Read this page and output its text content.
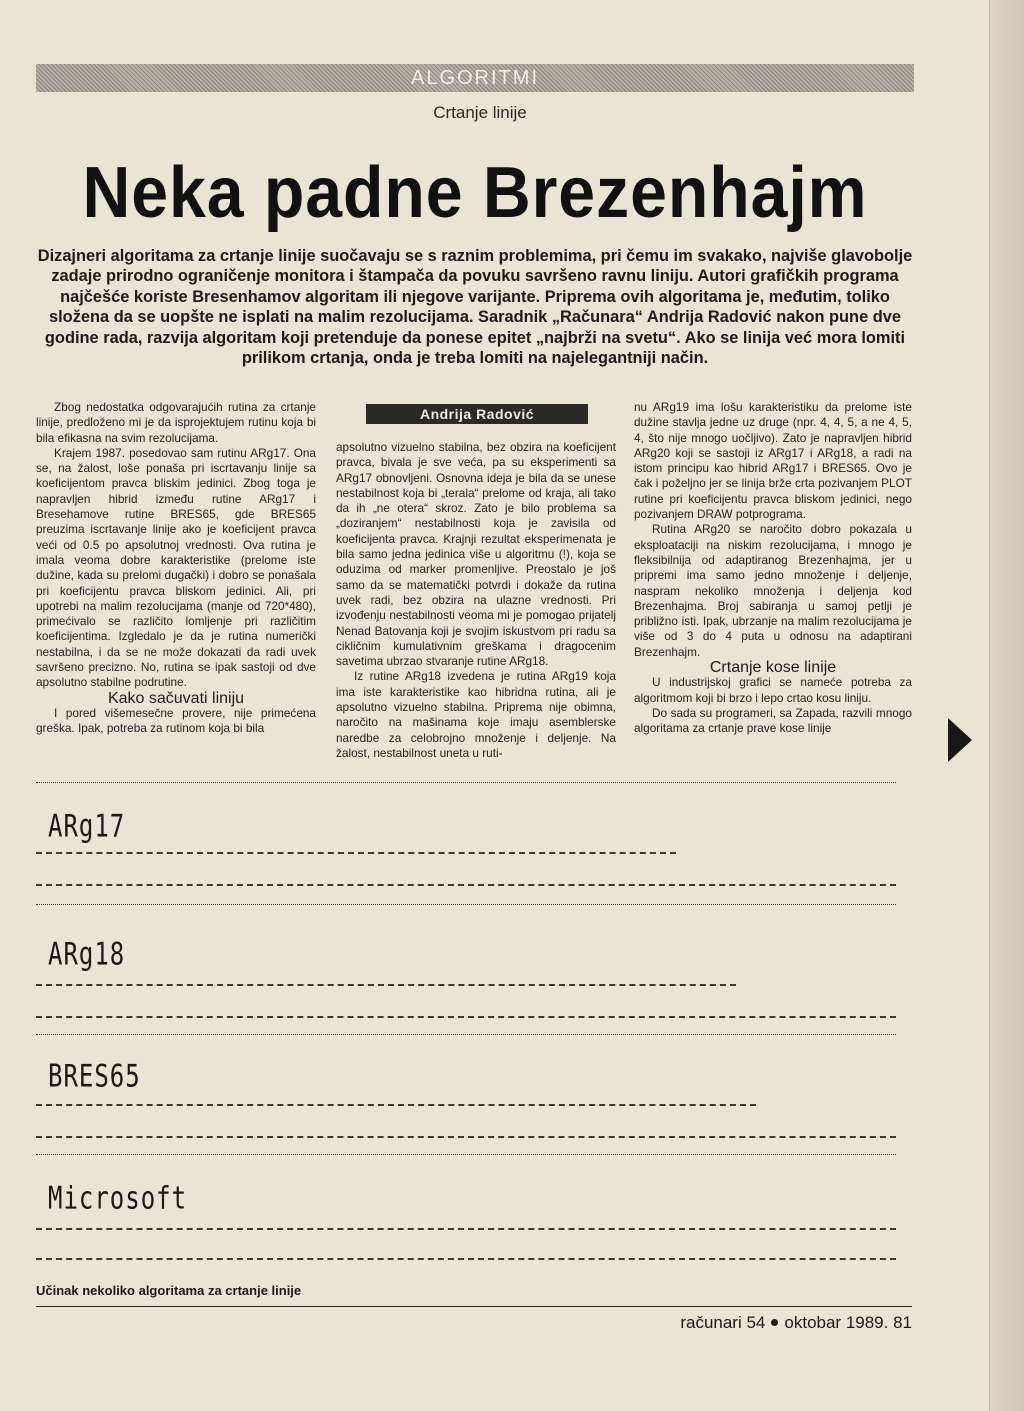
ALGORITMI
Crtanje linije
Neka padne Brezenhajm
Dizajneri algoritama za crtanje linije suočavaju se s raznim problemima, pri čemu im svakako, najviše glavobolje zadaje prirodno ograničenje monitora i štampača da povuku savršeno ravnu liniju. Autori grafičkih programa najčešće koriste Bresenhamov algoritam ili njegove varijante. Priprema ovih algoritama je, međutim, toliko složena da se uopšte ne isplati na malim rezolucijama. Saradnik „Računara“ Andrija Radović nakon pune dve godine rada, razvija algoritam koji pretenduje da ponese epitet „najbrži na svetu“. Ako se linija već mora lomiti prilikom crtanja, onda je treba lomiti na najelegantniji način.
Andrija Radović

Zbog nedostatka odgovarajućih rutina za crtanje linije, predloženo mi je da isprojektujem rutinu koja bi bila efikasna na svim rezolucijama.

Krajem 1987. posedovao sam rutinu ARg17. Ona se, na žalost, loše ponaša pri iscrtavanju linije sa koeficijentom pravca bliskim jedinici. Zbog toga je napravljen hibrid između rutine ARg17 i Bresehamove rutine BRES65, gde BRES65 preuzima iscrtavanje linije ako je koeficijent pravca veći od 0.5 po apsolutnoj vrednosti. Ova rutina je imala veoma dobre karakteristike (prelome iste dužine, kada su prelomi dugački) i dobro se ponašala pri koeficijentu pravca bliskom jedinici. Ali, pri upotrebi na malim rezolucijama (manje od 720*480), primećivalo se različito lomljenje pri različitim koeficijentima. Izgledalo je da je rutina numerički nestabilna, i da se ne može dokazati da radi uvek savršeno precizno. No, rutina se ipak sastoji od dve apsolutno stabilne podrutine.

Kako sačuvati liniju

I pored višemesečne provere, nije primećena greška. Ipak, potreba za rutinom koja bi bila

apsolutno vizuelno stabilna, bez obzira na koeficijent pravca, bivala je sve veća, pa su eksperimenti sa ARg17 obnovljeni. Osnovna ideja je bila da se unese nestabilnost koja bi „terala“ prelome od kraja, ali tako da ih „ne otera“ skroz. Zato je bilo problema sa „doziranjem“ nestabilnosti koja je zavisila od koeficijenta pravca. Krajnji rezultat eksperimenata je bila samo jedna jedinica više u algoritmu (!), koja se oduzima od marker promenljive. Preostalo je još samo da se matematički potvrdi i dokaže da rutina uvek radi, bez obzira na ulazne vrednosti. Pri izvođenju nestabilnosti veoma mi je pomogao prijatelj Nenad Batovanja koji je svojim iskustvom pri radu sa cikličnim kumulativnim greškama i dragocenim savetima ubrzao stvaranje rutine ARg18.

Iz rutine ARg18 izvedena je rutina ARg19 koja ima iste karakteristike kao hibridna rutina, ali je apsolutno vizuelno stabilna. Pripremа nije obimna, naročito na mašinama koje imaju asemblerske naredbe za celobrojno množenje i deljenje. Na žalost, nestabilnost uneta u ruti-

nu ARg19 ima lošu karakteristiku da prelome iste dužine stavlja jedne uz druge (npr. 4, 4, 5, a ne 4, 5, 4, što nije mnogo uočljivo). Zato je napravljen hibrid ARg20 koji se sastoji iz ARg17 i ARg18, a radi na istom principu kao hibrid ARg17 i BRES65. Ovo je čak i poželjno jer se linija brže crta pozivanjem PLOT rutine pri koeficijentu pravca bliskom jedinici, nego pozivanjem DRAW potprograma.

Rutina ARg20 se naročito dobro pokazala u eksploataciji na niskim rezolucijama, i mnogo je fleksibilnija od adaptiranog Brezenhajma, jer u pripremi ima samo jedno množenje i deljenje, naspram nekoliko množenja i deljenja kod Brezenhajma. Broj sabiranja u samoj petlji je približno isti. Ipak, ubrzanje na malim rezolucijama je više od 3 do 4 puta u odnosu na adaptirani Brezenhajm.

Crtanje kose linije

U industrijskoj grafici se nameće potreba za algoritmom koji bi brzo i lepo crtao kosu liniju.

Do sada su programeri, sa Zapada, razvili mnogo algoritama za crtanje prave kose linije

ARg17
ARg18
BRES65
Microsoft
Učinak nekoliko algoritama za crtanje linije
računari 54 oktobar 1989. 81
